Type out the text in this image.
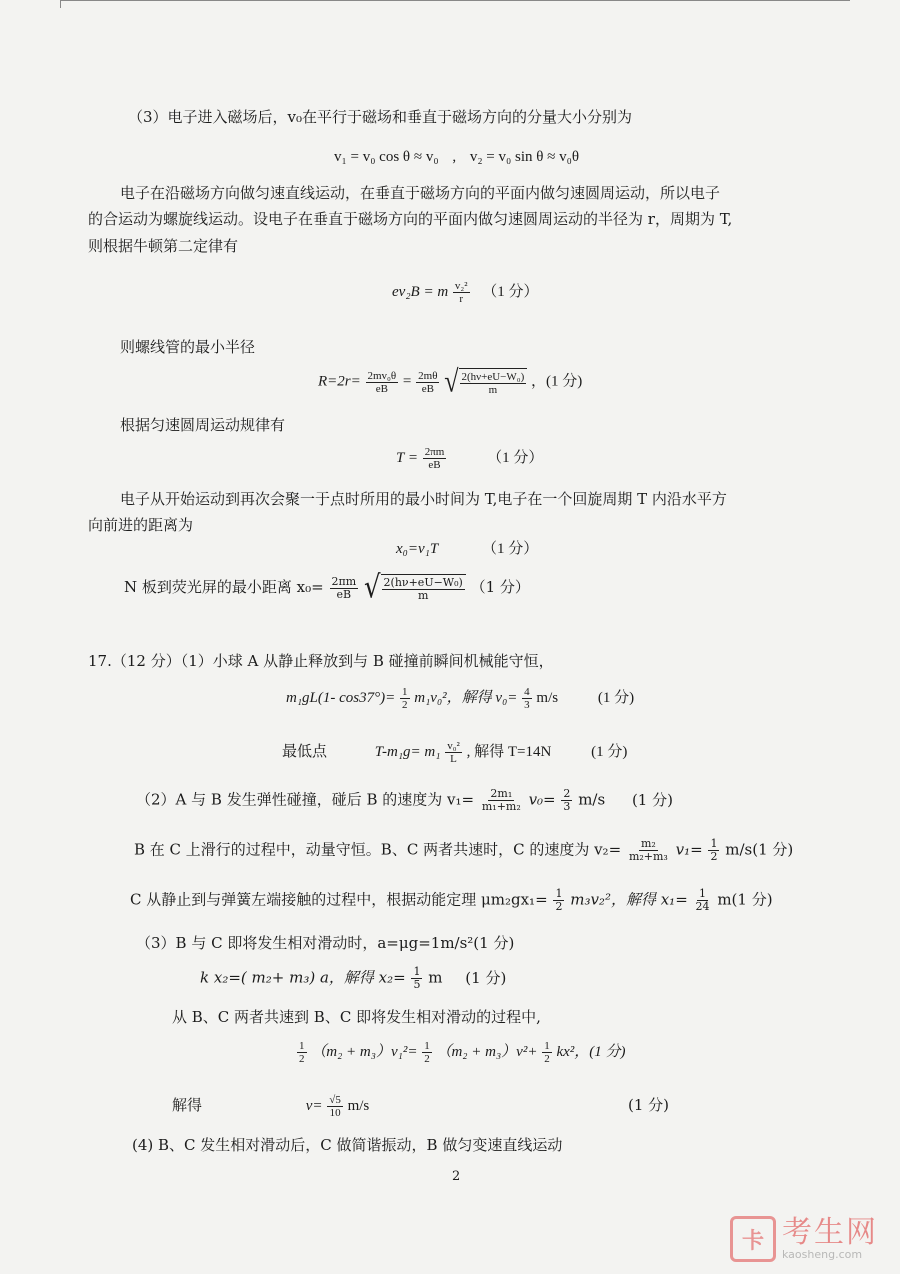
（3）电子进入磁场后，v₀在平行于磁场和垂直于磁场方向的分量大小分别为
v₁ = v₀ cos θ ≈ v₀ , v₂ = v₀ sin θ ≈ v₀θ
电子在沿磁场方向做匀速直线运动，在垂直于磁场方向的平面内做匀速圆周运动，所以电子
的合运动为螺旋线运动。设电子在垂直于磁场方向的平面内做匀速圆周运动的半径为 r，周期为 T,
则根据牛顿第二定律有
ev₂B = m $\frac{\text{v₂²}}{r} (1$ 分）
则螺线管的最小半径
$R=2r= \frac{\text{2mv₀θ}}{eB} = \frac{2m\theta}{eB}$
√ $\frac{\text{2(hν+eU−W₀)}}{m}$ ，(1 分)
根据匀速圆周运动规律有
$T = \frac{2\pi m}{eB}$	（1 分）
电子从开始运动到再次会聚一于点时所用的最小时间为 T,电子在一个回旋周期 T 内沿水平方
向前进的距离为
x₀=v₁T	（1 分）
N 板到荧光屏的最小距离 $x_0= \frac{2\pi m}{eB}$
√ $\frac{\text{2(hν+eU−W₀)}}{m} (1$ 分）
17.（12 分）（1）小球 A 从静止释放到与 B 碰撞前瞬间机械能守恒，
m₁gL(1- $\cos 37^\circ)= \frac{1}{2} m_1v_0^2$，解得 $v_0= \frac{4}{3} m/s$	(1 分)
最低点	$T-m_1g= m_1 \frac{\text{v₀²}}{L}$ , 解得 T=14N	(1 分)
（2）A 与 B 发生弹性碰撞，碰后 B 的速度为 $v_1= \frac{\text{2m₁}}{\text{m₁+m₂}} v_0= \frac{2}{3} m/s$ (1 分)
B 在 C 上滑行的过程中，动量守恒。B、C 两者共速时，C 的速度为 $v_2= \frac{\text{m₂}}{\text{m₂+m₃}} v_1= \frac{1}{2} m/s(1$ 分)
C 从静止到与弹簧左端接触的过程中，根据动能定理 $\mu m_2gx_1= \frac{1}{2} m_3v_2^2$，解得 $x_1= \frac{1}{24} m(1$ 分)
（3）B 与 C 即将发生相对滑动时，a=μg=1m/s²(1 分)
k x₂=( m₂+ m₃) a，解得 $x_2= \frac{1}{5}$ m (1 分)
从 B、C 两者共速到 B、C 即将发生相对滑动的过程中,
$\frac{1}{2} (m_2 + m_3)v_1^2= \frac{1}{2} (m_2 + m_3)v^2+ \frac{1}{2} kx^2$，(1 分)
解得	$v= \frac{√5}{10} m/s$	(1 分)
(4) B、C 发生相对滑动后，C 做简谐振动，B 做匀变速直线运动
2
卡 考生网
kaosheng.com
